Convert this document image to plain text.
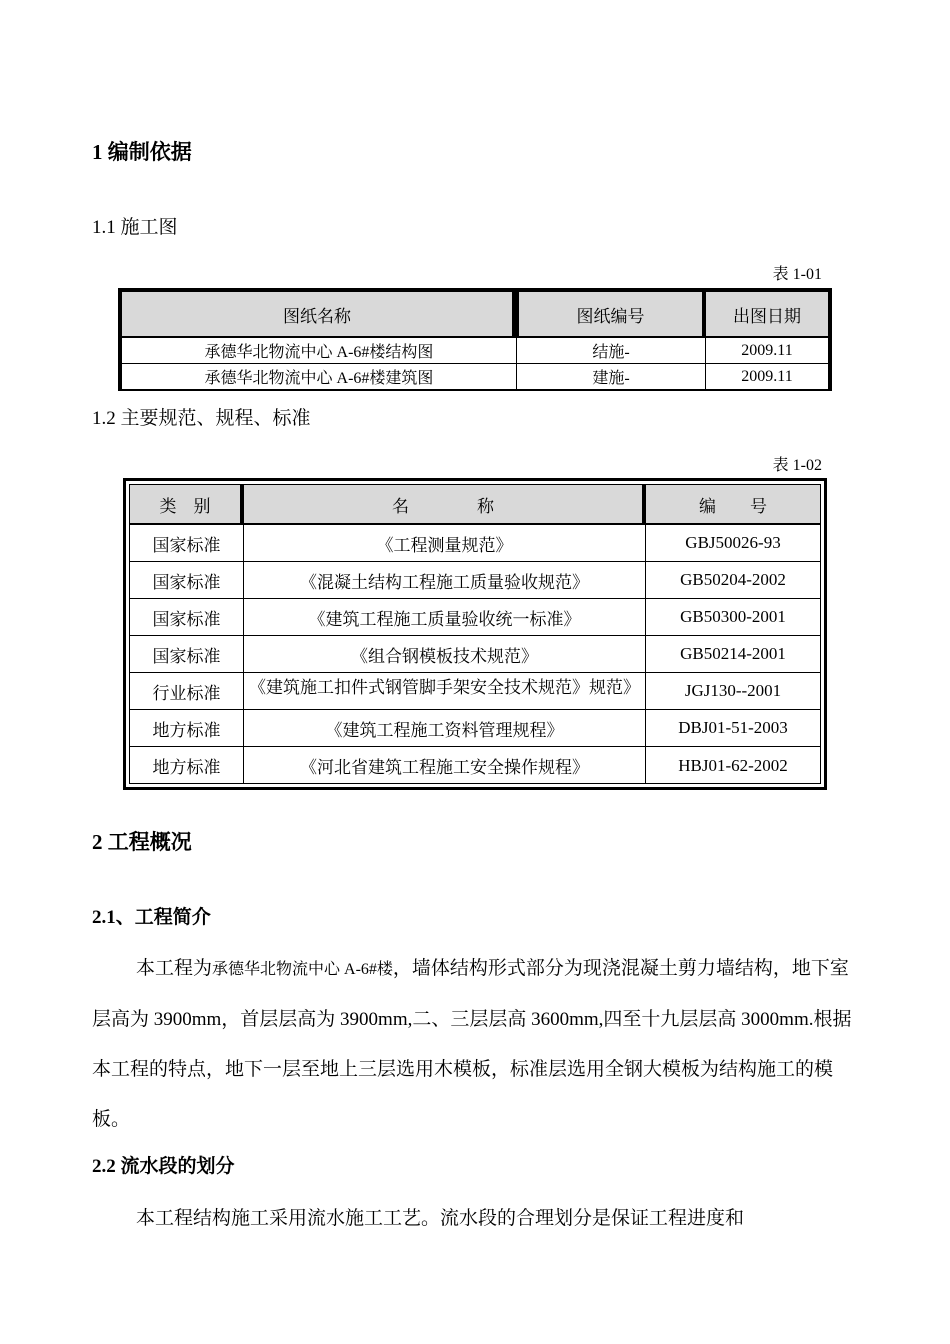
1 编制依据
1.1 施工图
表 1-01
图纸名称	图纸编号	出图日期
承德华北物流中心 A-6#楼结构图	结施-	2009.11
承德华北物流中心 A-6#楼建筑图	建施-	2009.11
1.2 主要规范、规程、标准
表 1-02
类　别	名　　　　称	编　　号
国家标准	《工程测量规范》	GBJ50026-93
国家标准	《混凝土结构工程施工质量验收规范》	GB50204-2002
国家标准	《建筑工程施工质量验收统一标准》	GB50300-2001
国家标准	《组合钢模板技术规范》	GB50214-2001
行业标准	《建筑施工扣件式钢管脚手架安全技术规范》规范》	JGJ130--2001
地方标准	《建筑工程施工资料管理规程》	DBJ01-51-2003
地方标准	《河北省建筑工程施工安全操作规程》	HBJ01-62-2002
2 工程概况
2.1、工程简介
本工程为承德华北物流中心 A-6#楼，墙体结构形式部分为现浇混凝土剪力墙结构，地下室层高为 3900mm，首层层高为 3900mm,二、三层层高 3600mm,四至十九层层高 3000mm.根据本工程的特点，地下一层至地上三层选用木模板，标准层选用全钢大模板为结构施工的模板。
2.2 流水段的划分
本工程结构施工采用流水施工工艺。流水段的合理划分是保证工程进度和
